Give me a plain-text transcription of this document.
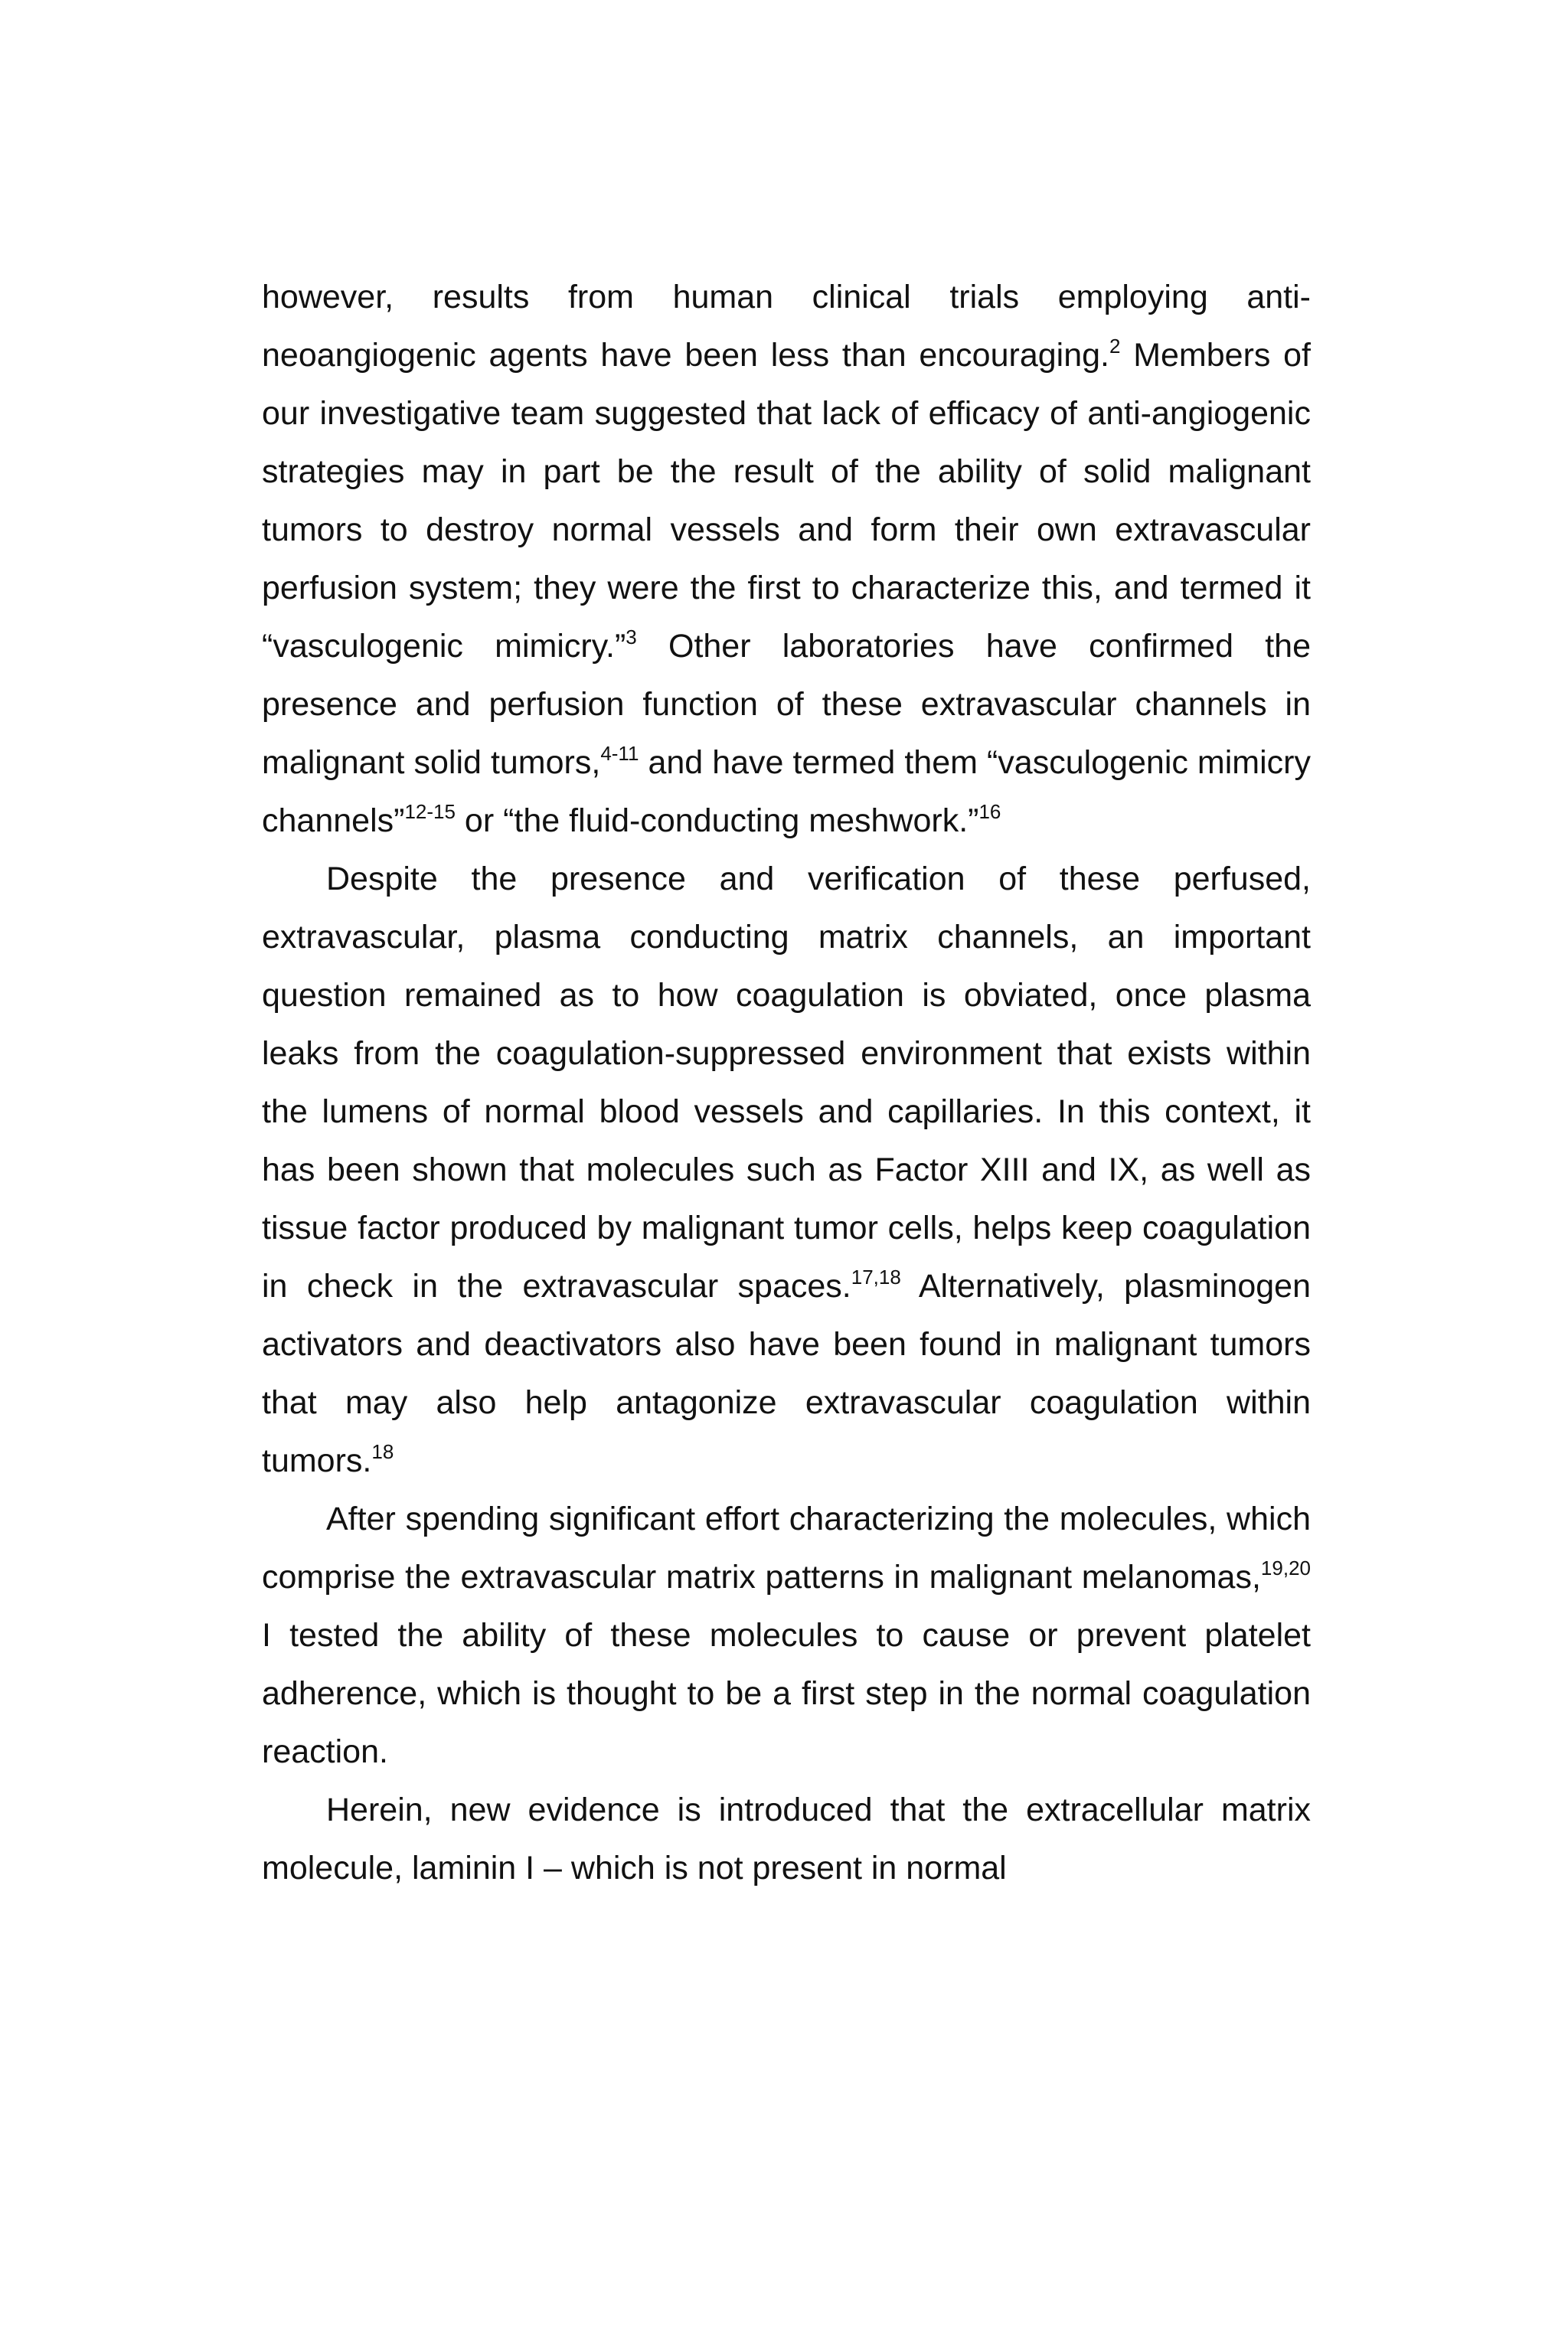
however, results from human clinical trials employing anti-neoangiogenic agents have been less than encouraging.$^2$ Members of our investigative team suggested that lack of efficacy of anti-angiogenic strategies may in part be the result of the ability of solid malignant tumors to destroy normal vessels and form their own extravascular perfusion system; they were the first to characterize this, and termed it “vasculogenic mimicry.”$^3$ Other laboratories have confirmed the presence and perfusion function of these extravascular channels in malignant solid tumors,$^{4-11}$ and have termed them “vasculogenic mimicry channels”$^{12-15}$ or “the fluid-conducting meshwork.”$^{16}$

Despite the presence and verification of these perfused, extravascular, plasma conducting matrix channels, an important question remained as to how coagulation is obviated, once plasma leaks from the coagulation-suppressed environment that exists within the lumens of normal blood vessels and capillaries. In this context, it has been shown that molecules such as Factor XIII and IX, as well as tissue factor produced by malignant tumor cells, helps keep coagulation in check in the extravascular spaces.$^{17,18}$ Alternatively, plasminogen activators and deactivators also have been found in malignant tumors that may also help antagonize extravascular coagulation within tumors.$^{18}$

After spending significant effort characterizing the molecules, which comprise the extravascular matrix patterns in malignant melanomas,$^{19,20}$ I tested the ability of these molecules to cause or prevent platelet adherence, which is thought to be a first step in the normal coagulation reaction.

Herein, new evidence is introduced that the extracellular matrix molecule, laminin I – which is not present in normal
